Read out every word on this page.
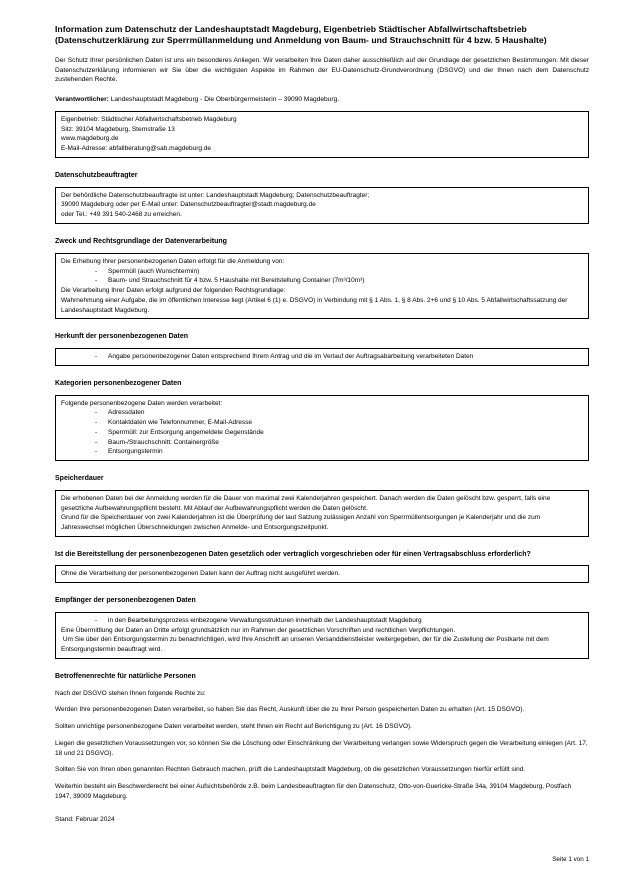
Information zum Datenschutz der Landeshauptstadt Magdeburg, Eigenbetrieb Städtischer Abfallwirtschaftsbetrieb (Datenschutzerklärung zur Sperrmüllanmeldung und Anmeldung von Baum- und Strauchschnitt für 4 bzw. 5 Haushalte)

Der Schutz Ihrer persönlichen Daten ist uns ein besonderes Anliegen. Wir verarbeiten Ihre Daten daher ausschließlich auf der Grundlage der gesetzlichen Bestimmungen. Mit dieser Datenschutzerklärung informieren wir Sie über die wichtigsten Aspekte im Rahmen der EU-Datenschutz-Grundverordnung (DSGVO) und der Ihnen nach dem Datenschutz zustehenden Rechte.

Verantwortlicher: Landeshauptstadt Magdeburg - Die Oberbürgermeisterin – 39090 Magdeburg.

Eigenbetrieb: Städtischer Abfallwirtschaftsbetrieb Magdeburg
Sitz: 39104 Magdeburg, Sternstraße 13
www.magdeburg.de
E-Mail-Adresse: abfallberatung@sab.magdeburg.de
Datenschutzbeauftragter
Der behördliche Datenschutzbeauftragte ist unter: Landeshauptstadt Magdeburg; Datenschutzbeauftragter;
39090 Magdeburg oder per E-Mail unter: Datenschutzbeauftragter@stadt.magdeburg.de
oder Tel.: +49 391 540-2468 zu erreichen.
Zweck und Rechtsgrundlage der Datenverarbeitung
Die Erhebung Ihrer personenbezogenen Daten erfolgt für die Anmeldung von:
- Sperrmüll (auch Wunschtermin)
- Baum- und Strauchschnitt für 4 bzw. 5 Haushalte mit Bereitstellung Container (7m³/10m³)
Die Verarbeitung Ihrer Daten erfolgt aufgrund der folgenden Rechtsgrundlage:
Wahrnehmung einer Aufgabe, die im öffentlichen Interesse liegt (Artikel 6 (1) e. DSGVO) in Verbindung mit § 1 Abs. 1, § 8 Abs. 2+6 und § 10 Abs. 5 Abfallwirtschaftssatzung der Landeshauptstadt Magdeburg.
Herkunft der personenbezogenen Daten
- Angabe personenbezogener Daten entsprechend Ihrem Antrag und die im Verlauf der Auftragsabarbeitung verarbeiteten Daten
Kategorien personenbezogener Daten
Folgende personenbezogene Daten werden verarbeitet:
- Adressdaten
- Kontaktdaten wie Telefonnummer, E-Mail-Adresse
- Sperrmüll: zur Entsorgung angemeldete Gegenstände
- Baum-/Strauchschnitt: Containergröße
- Entsorgungstermin
Speicherdauer
Die erhobenen Daten bei der Anmeldung werden für die Dauer von maximal zwei Kalenderjahren gespeichert. Danach werden die Daten gelöscht bzw. gesperrt, falls eine gesetzliche Aufbewahrungspflicht besteht. Mit Ablauf der Aufbewahrungspflicht werden die Daten gelöscht.
Grund für die Speicherdauer von zwei Kalenderjahren ist die Überprüfung der laut Satzung zulässigen Anzahl von Sperrmüllentsorgungen je Kalenderjahr und die zum Jahreswechsel möglichen Überschneidungen zwischen Anmelde- und Entsorgungszeitpunkt.
Ist die Bereitstellung der personenbezogenen Daten gesetzlich oder vertraglich vorgeschrieben oder für einen Vertragsabschluss erforderlich?
Ohne die Verarbeitung der personenbezogenen Daten kann der Auftrag nicht ausgeführt werden.
Empfänger der personenbezogenen Daten
- in den Bearbeitungsprozess einbezogene Verwaltungsstrukturen innerhalb der Landeshauptstadt Magdeburg
Eine Übermittlung der Daten an Dritte erfolgt grundsätzlich nur im Rahmen der gesetzlichen Vorschriften und rechtlichen Verpflichtungen.
Um Sie über den Entsorgungstermin zu benachrichtigen, wird Ihre Anschrift an unseren Versanddienstleister weitergegeben, der für die Zustellung der Postkarte mit dem Entsorgungstermin beauftragt wird.
Betroffenenrechte für natürliche Personen

Nach der DSGVO stehen Ihnen folgende Rechte zu:

Werden Ihre personenbezogenen Daten verarbeitet, so haben Sie das Recht, Auskunft über die zu Ihrer Person gespeicherten Daten zu erhalten (Art. 15 DSGVO).

Sollten unrichtige personenbezogene Daten verarbeitet werden, steht Ihnen ein Recht auf Berichtigung zu (Art. 16 DSGVO).

Liegen die gesetzlichen Voraussetzungen vor, so können Sie die Löschung oder Einschränkung der Verarbeitung verlangen sowie Widerspruch gegen die Verarbeitung einlegen (Art. 17, 18 und 21 DSGVO).

Sollten Sie von Ihren oben genannten Rechten Gebrauch machen, prüft die Landeshauptstadt Magdeburg, ob die gesetzlichen Voraussetzungen hierfür erfüllt sind.

Weiterhin besteht ein Beschwerderecht bei einer Aufsichtsbehörde z.B. beim Landesbeauftragten für den Datenschutz, Otto-von-Guericke-Straße 34a, 39104 Magdeburg, Postfach 1947, 39009 Magdeburg.

Stand: Februar 2024

Seite 1 von 1
